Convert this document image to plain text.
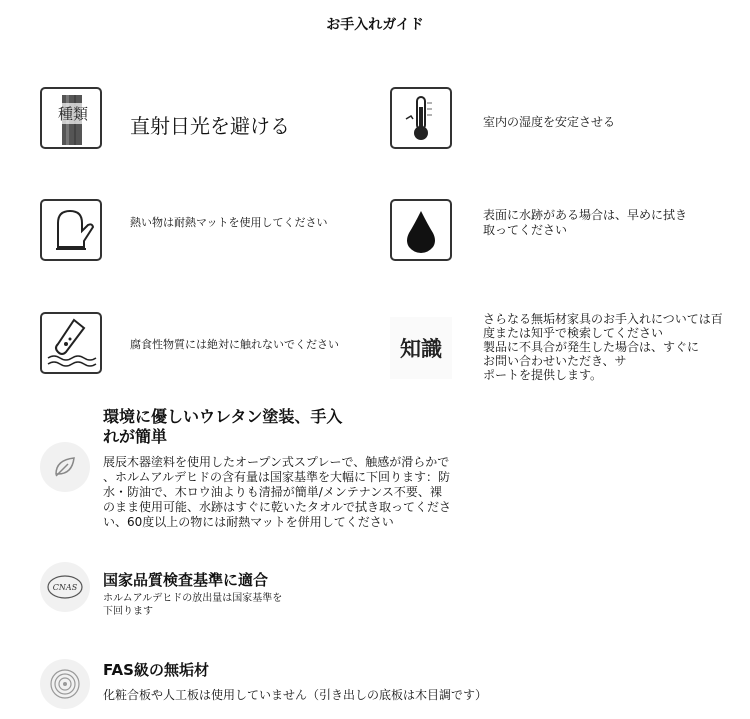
お手入れガイド
種類 直射日光を避ける	室内の湿度を安定させる
熱い物は耐熱マットを使用してください
表面に水跡がある場合は、早めに拭き
取ってください
腐食性物質には絶対に触れないでください	知識
さらなる無垢材家具のお手入れについては百
度または知乎で検索してください
製品に不具合が発生した場合は、すぐに
お問い合わせいただき、サ
ポートを提供します。
環境に優しいウレタン塗装、手入
れが簡単
展辰木器塗料を使用したオープン式スプレーで、触感が滑らかで
、ホルムアルデヒドの含有量は国家基準を大幅に下回ります：防
水・防油で、木ロウ油よりも清掃が簡単/メンテナンス不要、裸
のまま使用可能、水跡はすぐに乾いたタオルで拭き取ってくださ
い、60度以上の物には耐熱マットを併用してください
CNAS 国家品質検査基準に適合
ホルムアルデヒドの放出量は国家基準を
下回ります
FAS級の無垢材
化粧合板や人工板は使用していません（引き出しの底板は木目調です）
